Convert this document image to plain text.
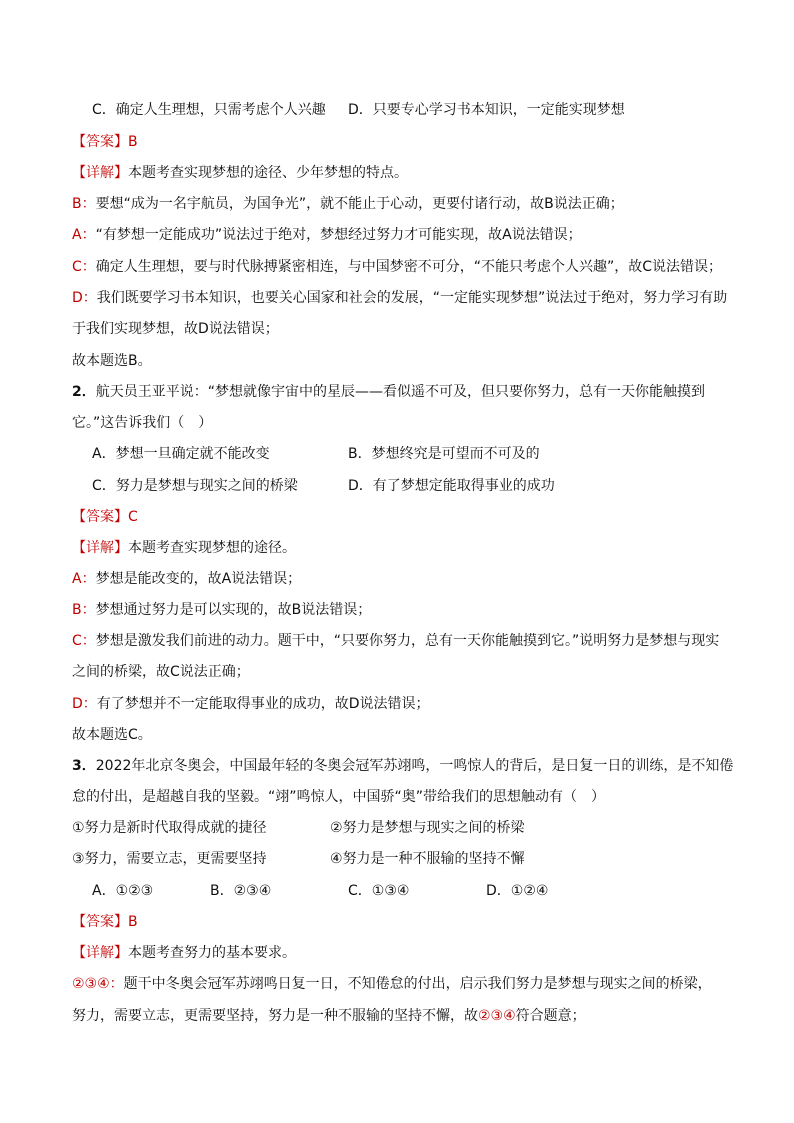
C．确定人生理想，只需考虑个人兴趣 D．只要专心学习书本知识，一定能实现梦想
【答案】B
【详解】本题考查实现梦想的途径、少年梦想的特点。
B：要想“成为一名宇航员，为国争光”，就不能止于心动，更要付诸行动，故B说法正确；
A：“有梦想一定能成功”说法过于绝对，梦想经过努力才可能实现，故A说法错误；
C：确定人生理想，要与时代脉搏紧密相连，与中国梦密不可分，“不能只考虑个人兴趣”，故C说法错误；
D：我们既要学习书本知识，也要关心国家和社会的发展，“一定能实现梦想”说法过于绝对，努力学习有助
于我们实现梦想，故D说法错误；
故本题选B。
2．航天员王亚平说：“梦想就像宇宙中的星辰——看似遥不可及，但只要你努力，总有一天你能触摸到
它。”这告诉我们（　）
A．梦想一旦确定就不能改变	B．梦想终究是可望而不可及的
C．努力是梦想与现实之间的桥梁	D．有了梦想定能取得事业的成功
【答案】C
【详解】本题考查实现梦想的途径。
A：梦想是能改变的，故A说法错误；
B：梦想通过努力是可以实现的，故B说法错误；
C：梦想是激发我们前进的动力。题干中，“只要你努力，总有一天你能触摸到它。”说明努力是梦想与现实
之间的桥梁，故C说法正确；
D：有了梦想并不一定能取得事业的成功，故D说法错误；
故本题选C。
3．2022年北京冬奥会，中国最年轻的冬奥会冠军苏翊鸣，一鸣惊人的背后，是日复一日的训练，是不知倦
怠的付出，是超越自我的坚毅。“翊”鸣惊人，中国骄“奥”带给我们的思想触动有（　）
①努力是新时代取得成就的捷径	②努力是梦想与现实之间的桥梁
③努力，需要立志，更需要坚持	④努力是一种不服输的坚持不懈
A．①②③	B．②③④	C．①③④	D．①②④
【答案】B
【详解】本题考查努力的基本要求。
②③④：题干中冬奥会冠军苏翊鸣日复一日，不知倦怠的付出，启示我们努力是梦想与现实之间的桥梁，
努力，需要立志，更需要坚持，努力是一种不服输的坚持不懈，故②③④符合题意；
